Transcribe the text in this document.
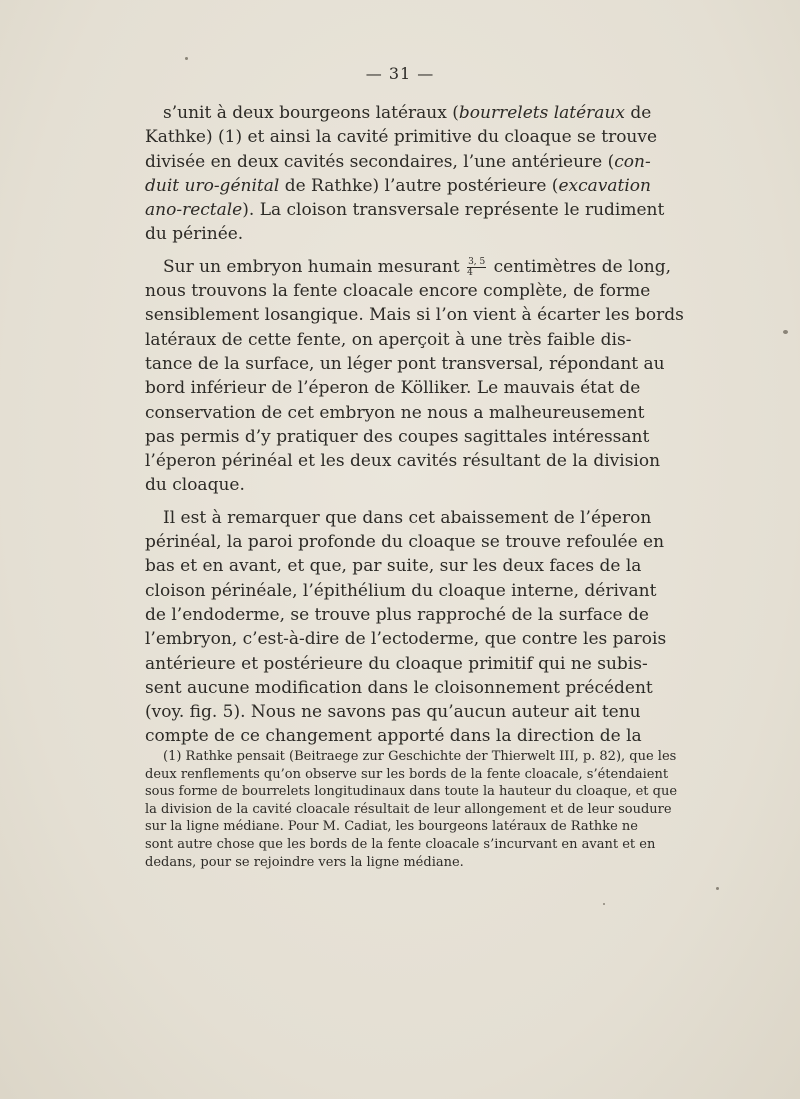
— 31 —
s’unit à deux bourgeons latéraux (bourrelets latéraux de
Kathke) (1) et ainsi la cavité primitive du cloaque se trouve
divisée en deux cavités secondaires, l’une antérieure (con-
duit uro-génital de Rathke) l’autre postérieure (excavation
ano-rectale). La cloison transversale représente le rudiment
du périnée.
Sur un embryon humain mesurant $\frac{3, 5}{4}$ centimètres de long,
nous trouvons la fente cloacale encore complète, de forme
sensiblement losangique. Mais si l’on vient à écarter les bords
latéraux de cette fente, on aperçoit à une très faible dis-
tance de la surface, un léger pont transversal, répondant au
bord inférieur de l’éperon de Kölliker. Le mauvais état de
conservation de cet embryon ne nous a malheureusement
pas permis d’y pratiquer des coupes sagittales intéressant
l’éperon périnéal et les deux cavités résultant de la division
du cloaque.
Il est à remarquer que dans cet abaissement de l’éperon
périnéal, la paroi profonde du cloaque se trouve refoulée en
bas et en avant, et que, par suite, sur les deux faces de la
cloison périnéale, l’épithélium du cloaque interne, dérivant
de l’endoderme, se trouve plus rapproché de la surface de
l’embryon, c’est-à-dire de l’ectoderme, que contre les parois
antérieure et postérieure du cloaque primitif qui ne subis-
sent aucune modification dans le cloisonnement précédent
(voy. fig. 5). Nous ne savons pas qu’aucun auteur ait tenu
compte de ce changement apporté dans la direction de la
(1) Rathke pensait (Beitraege zur Geschichte der Thierwelt III, p. 82), que les
deux renflements qu’on observe sur les bords de la fente cloacale, s’étendaient
sous forme de bourrelets longitudinaux dans toute la hauteur du cloaque, et que
la division de la cavité cloacale résultait de leur allongement et de leur soudure
sur la ligne médiane. Pour M. Cadiat, les bourgeons latéraux de Rathke ne
sont autre chose que les bords de la fente cloacale s’incurvant en avant et en
dedans, pour se rejoindre vers la ligne médiane.
